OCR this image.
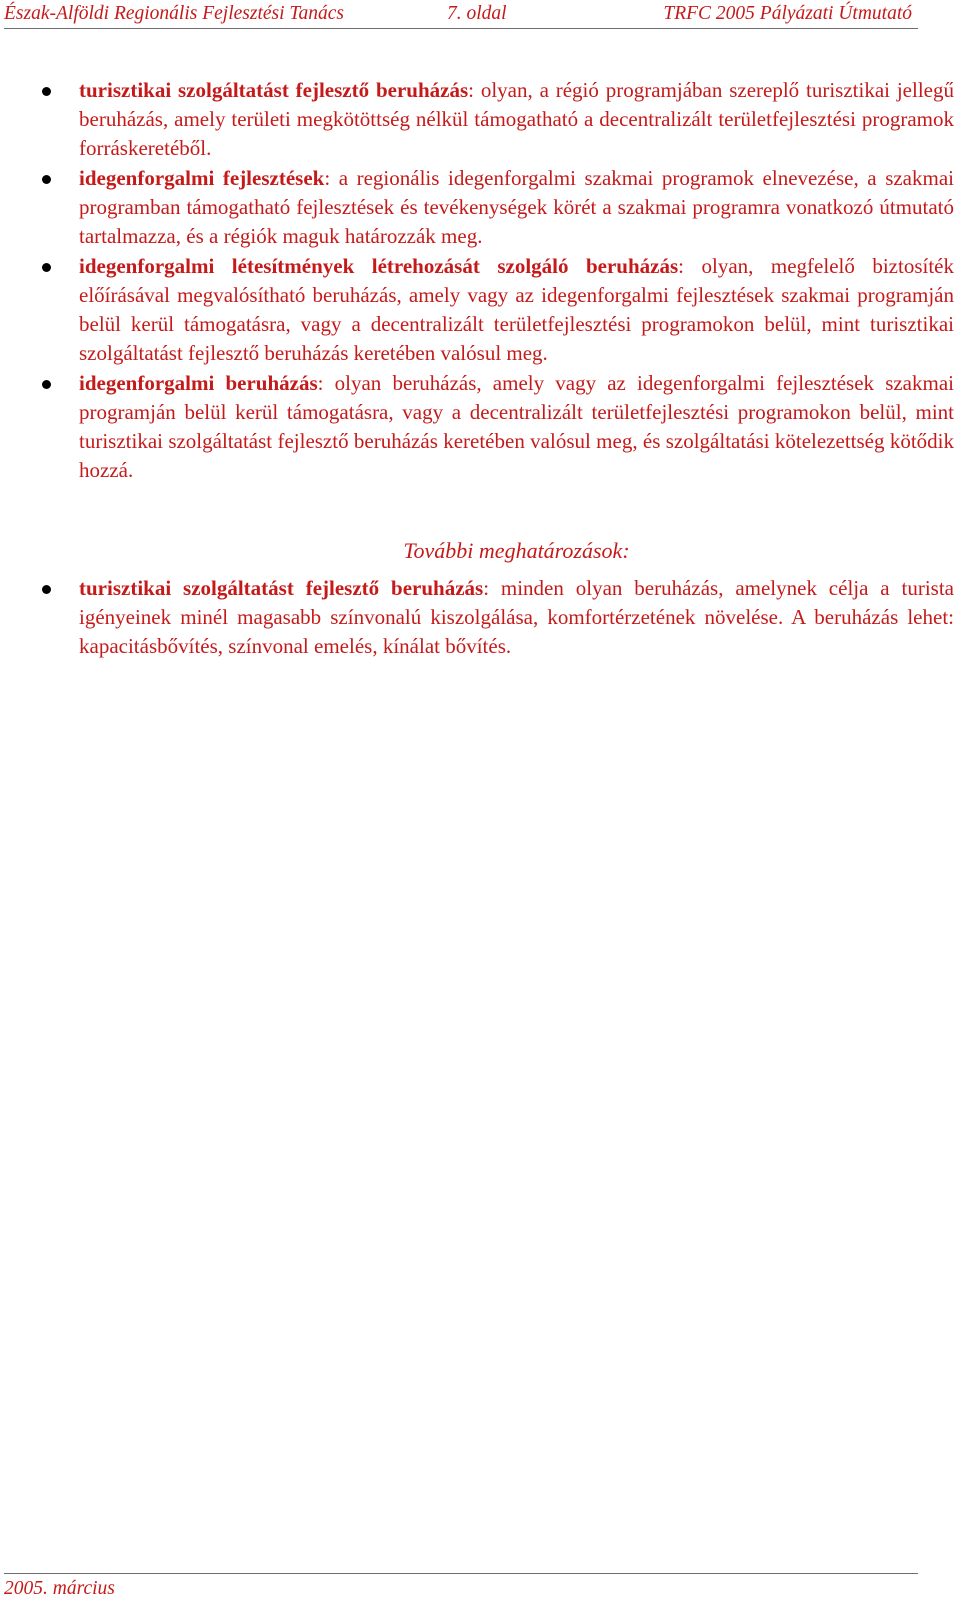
Észak-Alföldi Regionális Fejlesztési Tanács	7. oldal	TRFC 2005 Pályázati Útmutató
turisztikai szolgáltatást fejlesztő beruházás: olyan, a régió programjában szereplő turisztikai jellegű beruházás, amely területi megkötöttség nélkül támogatható a decentralizált területfejlesztési programok forráskeretéből.
idegenforgalmi fejlesztések: a regionális idegenforgalmi szakmai programok elnevezése, a szakmai programban támogatható fejlesztések és tevékenységek körét a szakmai programra vonatkozó útmutató tartalmazza, és a régiók maguk határozzák meg.
idegenforgalmi létesítmények létrehozását szolgáló beruházás: olyan, megfelelő biztosíték előírásával megvalósítható beruházás, amely vagy az idegenforgalmi fejlesztések szakmai programján belül kerül támogatásra, vagy a decentralizált területfejlesztési programokon belül, mint turisztikai szolgáltatást fejlesztő beruházás keretében valósul meg.
idegenforgalmi beruházás: olyan beruházás, amely vagy az idegenforgalmi fejlesztések szakmai programján belül kerül támogatásra, vagy a decentralizált területfejlesztési programokon belül, mint turisztikai szolgáltatást fejlesztő beruházás keretében valósul meg, és szolgáltatási kötelezettség kötődik hozzá.
További meghatározások:
turisztikai szolgáltatást fejlesztő beruházás: minden olyan beruházás, amelynek célja a turista igényeinek minél magasabb színvonalú kiszolgálása, komfortérzetének növelése. A beruházás lehet: kapacitásbővítés, színvonal emelés, kínálat bővítés.
2005. március
